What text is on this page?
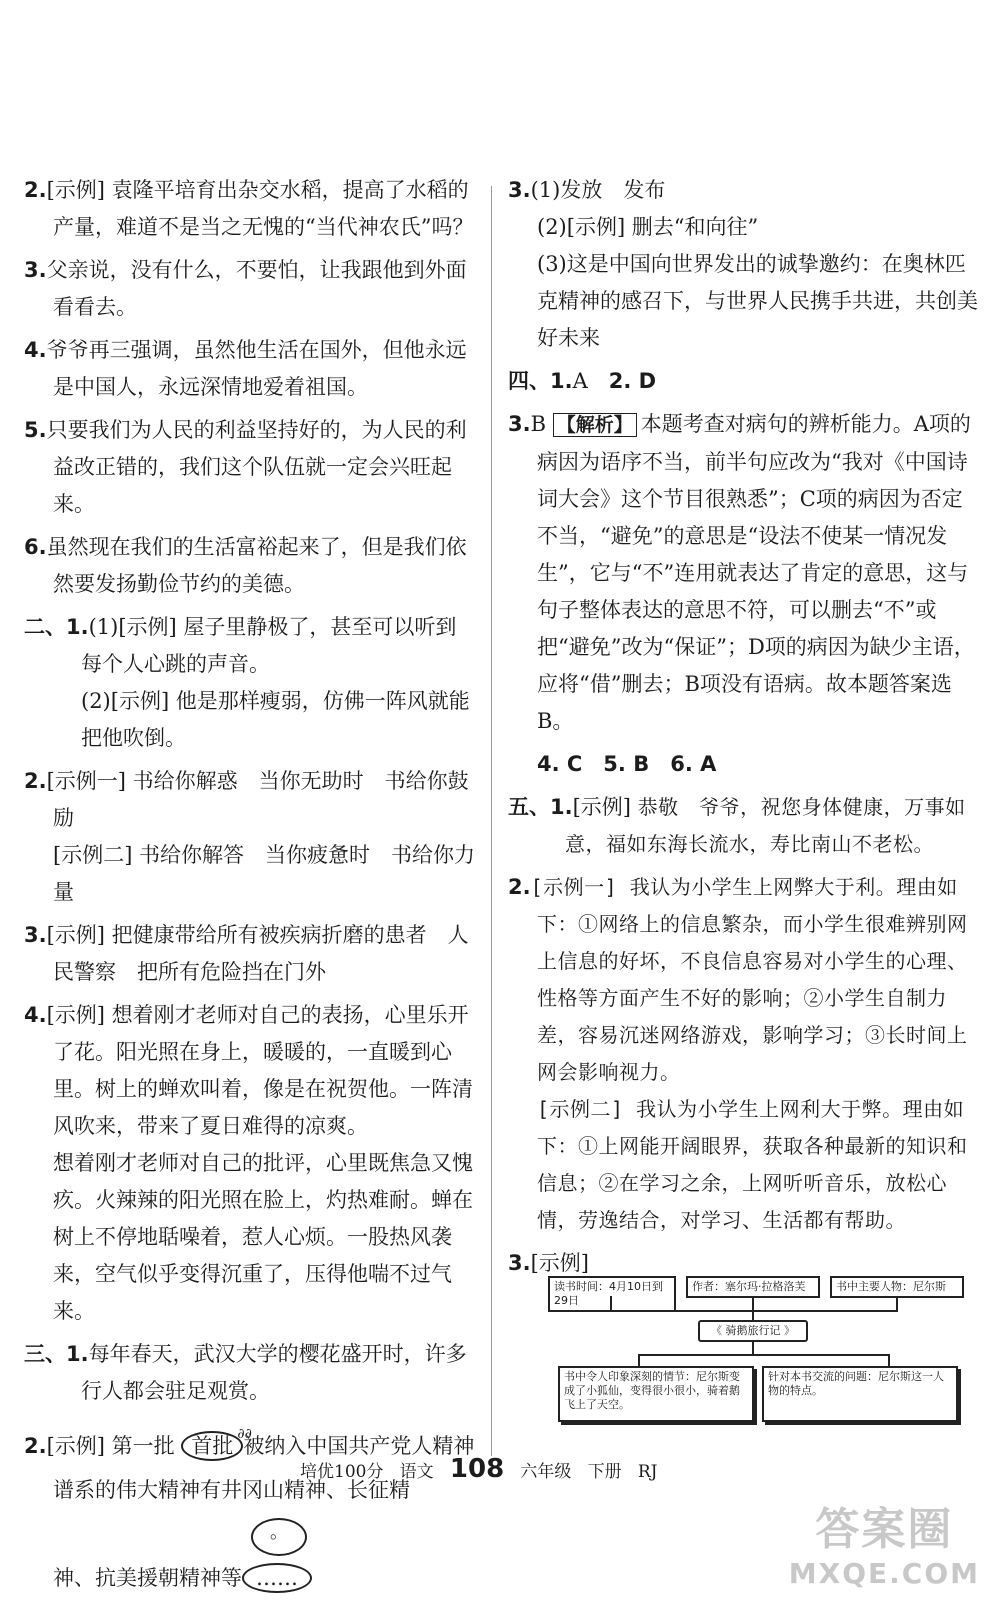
2.[示例] 袁隆平培育出杂交水稻，提高了水稻的产量，难道不是当之无愧的“当代神农氏”吗？
3.父亲说，没有什么，不要怕，让我跟他到外面看看去。
4.爷爷再三强调，虽然他生活在国外，但他永远是中国人，永远深情地爱着祖国。
5.只要我们为人民的利益坚持好的，为人民的利益改正错的，我们这个队伍就一定会兴旺起来。
6.虽然现在我们的生活富裕起来了，但是我们依然要发扬勤俭节约的美德。
二、1.(1)[示例] 屋子里静极了，甚至可以听到每个人心跳的声音。
(2)[示例] 他是那样瘦弱，仿佛一阵风就能把他吹倒。
2.[示例一] 书给你解惑　当你无助时　书给你鼓励
[示例二] 书给你解答　当你疲惫时　书给你力量
3.[示例] 把健康带给所有被疾病折磨的患者　人民警察　把所有危险挡在门外
4.[示例] 想着刚才老师对自己的表扬，心里乐开了花。阳光照在身上，暖暖的，一直暖到心里。树上的蝉欢叫着，像是在祝贺他。一阵清风吹来，带来了夏日难得的凉爽。
想着刚才老师对自己的批评，心里既焦急又愧疚。火辣辣的阳光照在脸上，灼热难耐。蝉在树上不停地聒噪着，惹人心烦。一股热风袭来，空气似乎变得沉重了，压得他喘不过气来。
三、1.每年春天，武汉大学的樱花盛开时，许多行人都会驻足观赏。
2.[示例] 第一批 首批 ∂∂
被纳入中国共产党人精神谱系的伟大精神有井冈山精神、长征精
。
神、抗美援朝精神等 ……
3.(1)发放　发布
(2)[示例] 删去“和向往”
(3)这是中国向世界发出的诚挚邀约：在奥林匹克精神的感召下，与世界人民携手共进，共创美好未来
四、1.A　2. D
3.B 【解析】 本题考查对病句的辨析能力。A项的病因为语序不当，前半句应改为“我对《中国诗词大会》这个节目很熟悉”；C项的病因为否定不当，“避免”的意思是“设法不使某一情况发生”，它与“不”连用就表达了肯定的意思，这与句子整体表达的意思不符，可以删去“不”或把“避免”改为“保证”；D项的病因为缺少主语，应将“借”删去；B项没有语病。故本题答案选B。
4. C　5. B　6. A
五、1.[示例] 恭敬　爷爷，祝您身体健康，万事如意，福如东海长流水，寿比南山不老松。
2.[示例一] 我认为小学生上网弊大于利。理由如下：①网络上的信息繁杂，而小学生很难辨别网上信息的好坏，不良信息容易对小学生的心理、性格等方面产生不好的影响；②小学生自制力差，容易沉迷网络游戏，影响学习；③长时间上网会影响视力。
[示例二] 我认为小学生上网利大于弊。理由如下：①上网能开阔眼界，获取各种最新的知识和信息；②在学习之余，上网听听音乐，放松心情，劳逸结合，对学习、生活都有帮助。
3.[示例]
读书时间：4月10日到29日
作者：塞尔玛·拉格洛芙	书中主要人物：尼尔斯
《 骑鹅旅行记 》
书中令人印象深刻的情节：尼尔斯变成了小狐仙，变得很小很小，骑着鹅飞上了天空。
针对本书交流的问题：尼尔斯这一人物的特点。
培优100分 语文 108 六年级 下册 RJ
答案圈
MXQE.COM
